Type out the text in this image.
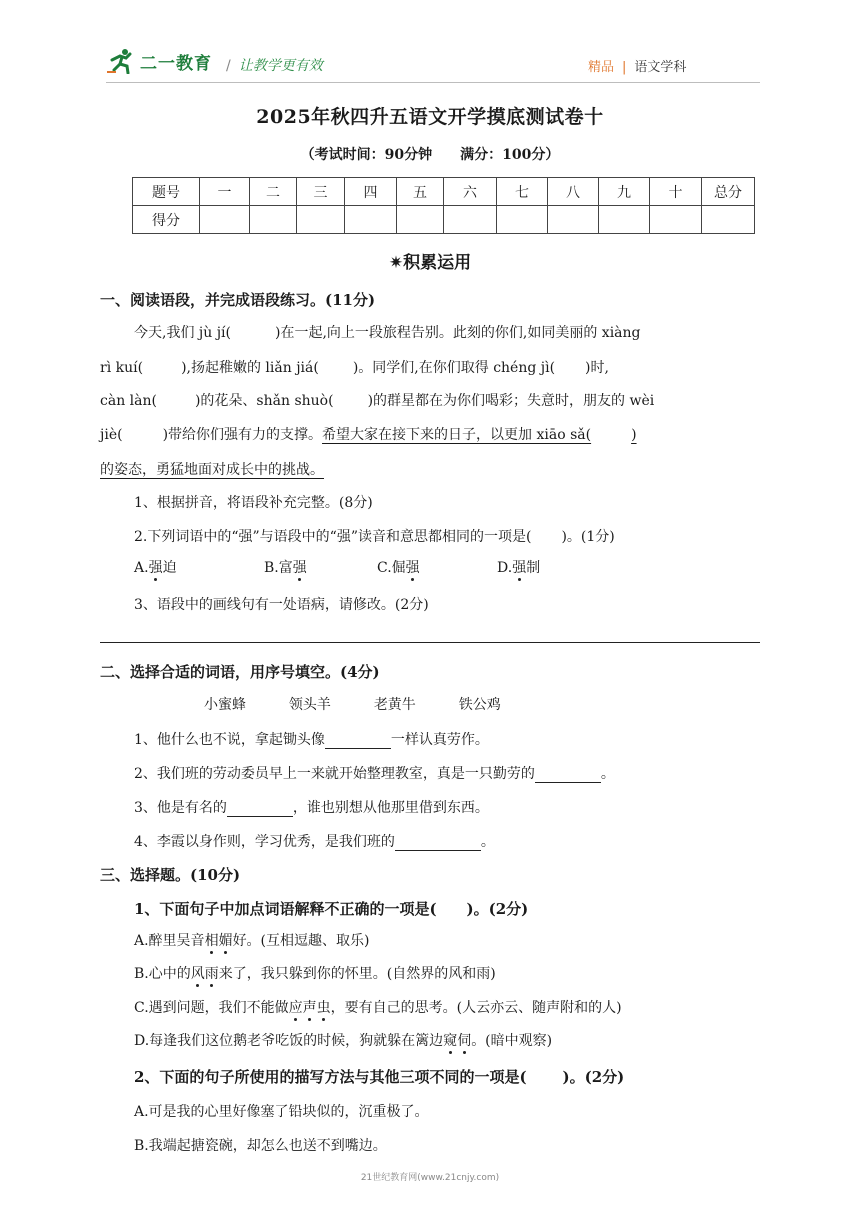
二一教育 / 让教学更有效	精品 | 语文学科
2025年秋四升五语文开学摸底测试卷十
（考试时间：90分钟 满分：100分）
题号	一	二	三	四	五	六	七	八	九	十	总分
得分											
✷积累运用
一、阅读语段，并完成语段练习。(11分)
今天,我们 jù jí(	)在一起,向上一段旅程告别。此刻的你们,如同美丽的 xiàng
rì kuí(	),扬起稚嫩的 liǎn jiá( )。同学们,在你们取得 chéng jì( )时,
càn làn(	)的花朵、shǎn shuò( )的群星都在为你们喝彩；失意时，朋友的 wèi
jiè(	)带给你们强有力的支撑。希望大家在接下来的日子，以更加 xiāo sǎ(	)
的姿态，勇猛地面对成长中的挑战。
1、根据拼音，将语段补充完整。(8分)
2.下列词语中的“强”与语段中的“强”读音和意思都相同的一项是( )。(1分)
A.强迫	B.富强	C.倔强	D.强制
3、语段中的画线句有一处语病，请修改。(2分)
二、选择合适的词语，用序号填空。(4分)
小蜜蜂	领头羊	老黄牛	铁公鸡
1、他什么也不说，拿起锄头像	一样认真劳作。
2、我们班的劳动委员早上一来就开始整理教室，真是一只勤劳的	。
3、他是有名的	，谁也别想从他那里借到东西。
4、李霞以身作则，学习优秀，是我们班的	。
三、选择题。(10分)
1、下面句子中加点词语解释不正确的一项是( )。(2分)
A.醉里吴音相媚好。(互相逗趣、取乐)
B.心中的风雨来了，我只躲到你的怀里。(自然界的风和雨)
C.遇到问题，我们不能做应声虫，要有自己的思考。(人云亦云、随声附和的人)
D.每逢我们这位鹅老爷吃饭的时候，狗就躲在篱边窥伺。(暗中观察)
2、下面的句子所使用的描写方法与其他三项不同的一项是( )。(2分)
A.可是我的心里好像塞了铅块似的，沉重极了。
B.我端起搪瓷碗，却怎么也送不到嘴边。
21世纪教育网(www.21cnjy.com)
